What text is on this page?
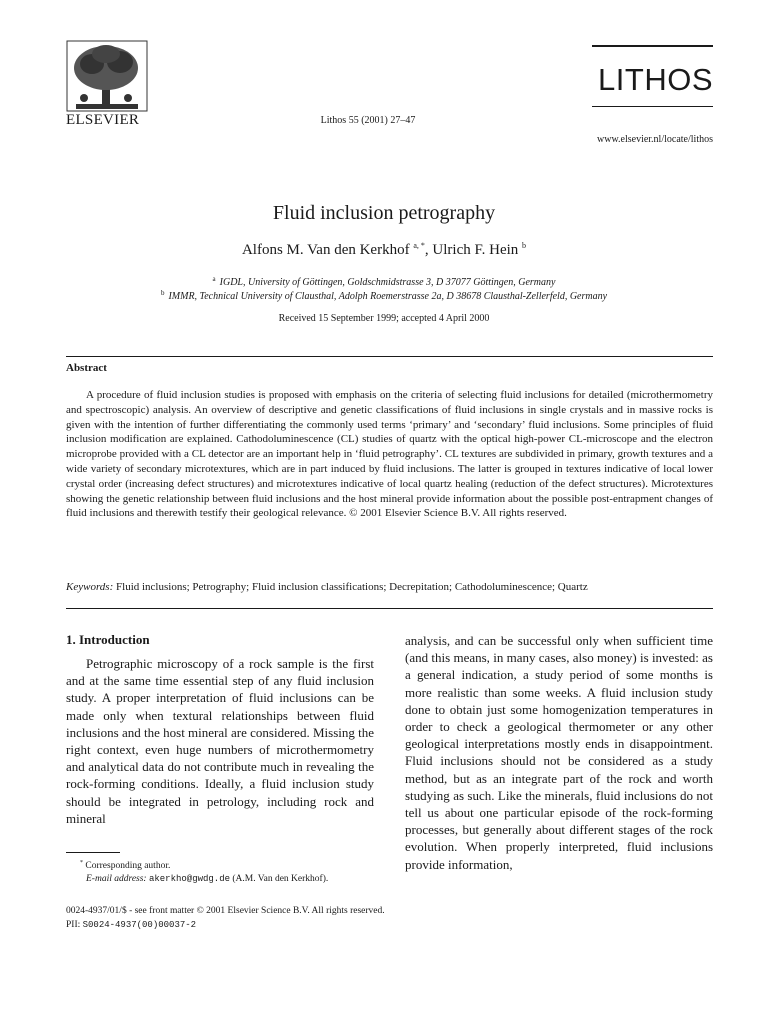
ELSEVIER	Lithos 55 (2001) 27–47
LITHOS
www.elsevier.nl/locate/lithos
Fluid inclusion petrography
Alfons M. Van den Kerkhof $^{a, *}$, Ulrich F. Hein $^b$
$^a$ IGDL, University of Göttingen, Goldschmidstrasse 3, D 37077 Göttingen, Germany
$^b$ IMMR, Technical University of Clausthal, Adolph Roemerstrasse 2a, D 38678 Clausthal-Zellerfeld, Germany
Received 15 September 1999; accepted 4 April 2000
Abstract
A procedure of fluid inclusion studies is proposed with emphasis on the criteria of selecting fluid inclusions for detailed (microthermometry and spectroscopic) analysis. An overview of descriptive and genetic classifications of fluid inclusions in single crystals and in massive rocks is given with the intention of further differentiating the commonly used terms ‘primary’ and ‘secondary’ fluid inclusions. Some principles of fluid inclusion modification are explained. Cathodoluminescence (CL) studies of quartz with the optical high-power CL-microscope and the electron microprobe provided with a CL detector are an important help in ‘fluid petrography’. CL textures are subdivided in primary, growth textures and a wide variety of secondary microtextures, which are in part induced by fluid inclusions. The latter is grouped in textures indicative of local lower crystal order (increasing defect structures) and microtextures indicative of local quartz healing (reduction of the defect structures). Microtextures showing the genetic relationship between fluid inclusions and the host mineral provide information about the possible post-entrapment changes of fluid inclusions and therewith testify their geological relevance. © 2001 Elsevier Science B.V. All rights reserved.
Keywords: Fluid inclusions; Petrography; Fluid inclusion classifications; Decrepitation; Cathodoluminescence; Quartz
1. Introduction
Petrographic microscopy of a rock sample is the first and at the same time essential step of any fluid inclusion study. A proper interpretation of fluid inclusions can be made only when textural relationships between fluid inclusions and the host mineral are considered. Missing the right context, even huge numbers of microthermometry and analytical data do not contribute much in revealing the rock-forming conditions. Ideally, a fluid inclusion study should be integrated in petrology, including rock and mineral
analysis, and can be successful only when sufficient time (and this means, in many cases, also money) is invested: as a general indication, a study period of some months is more realistic than some weeks. A fluid inclusion study done to obtain just some homogenization temperatures in order to check a geological thermometer or any other geological interpretations mostly ends in disappointment. Fluid inclusions should not be considered as a study method, but as an integrate part of the rock and worth studying as such. Like the minerals, fluid inclusions do not tell us about one particular episode of the rock-forming processes, but generally about different stages of the rock evolution. When properly interpreted, fluid inclusions provide information,
* Corresponding author.
E-mail address: akerkho@gwdg.de (A.M. Van den Kerkhof).
0024-4937/01/$ - see front matter © 2001 Elsevier Science B.V. All rights reserved.
PII: S0024-4937(00)00037-2
